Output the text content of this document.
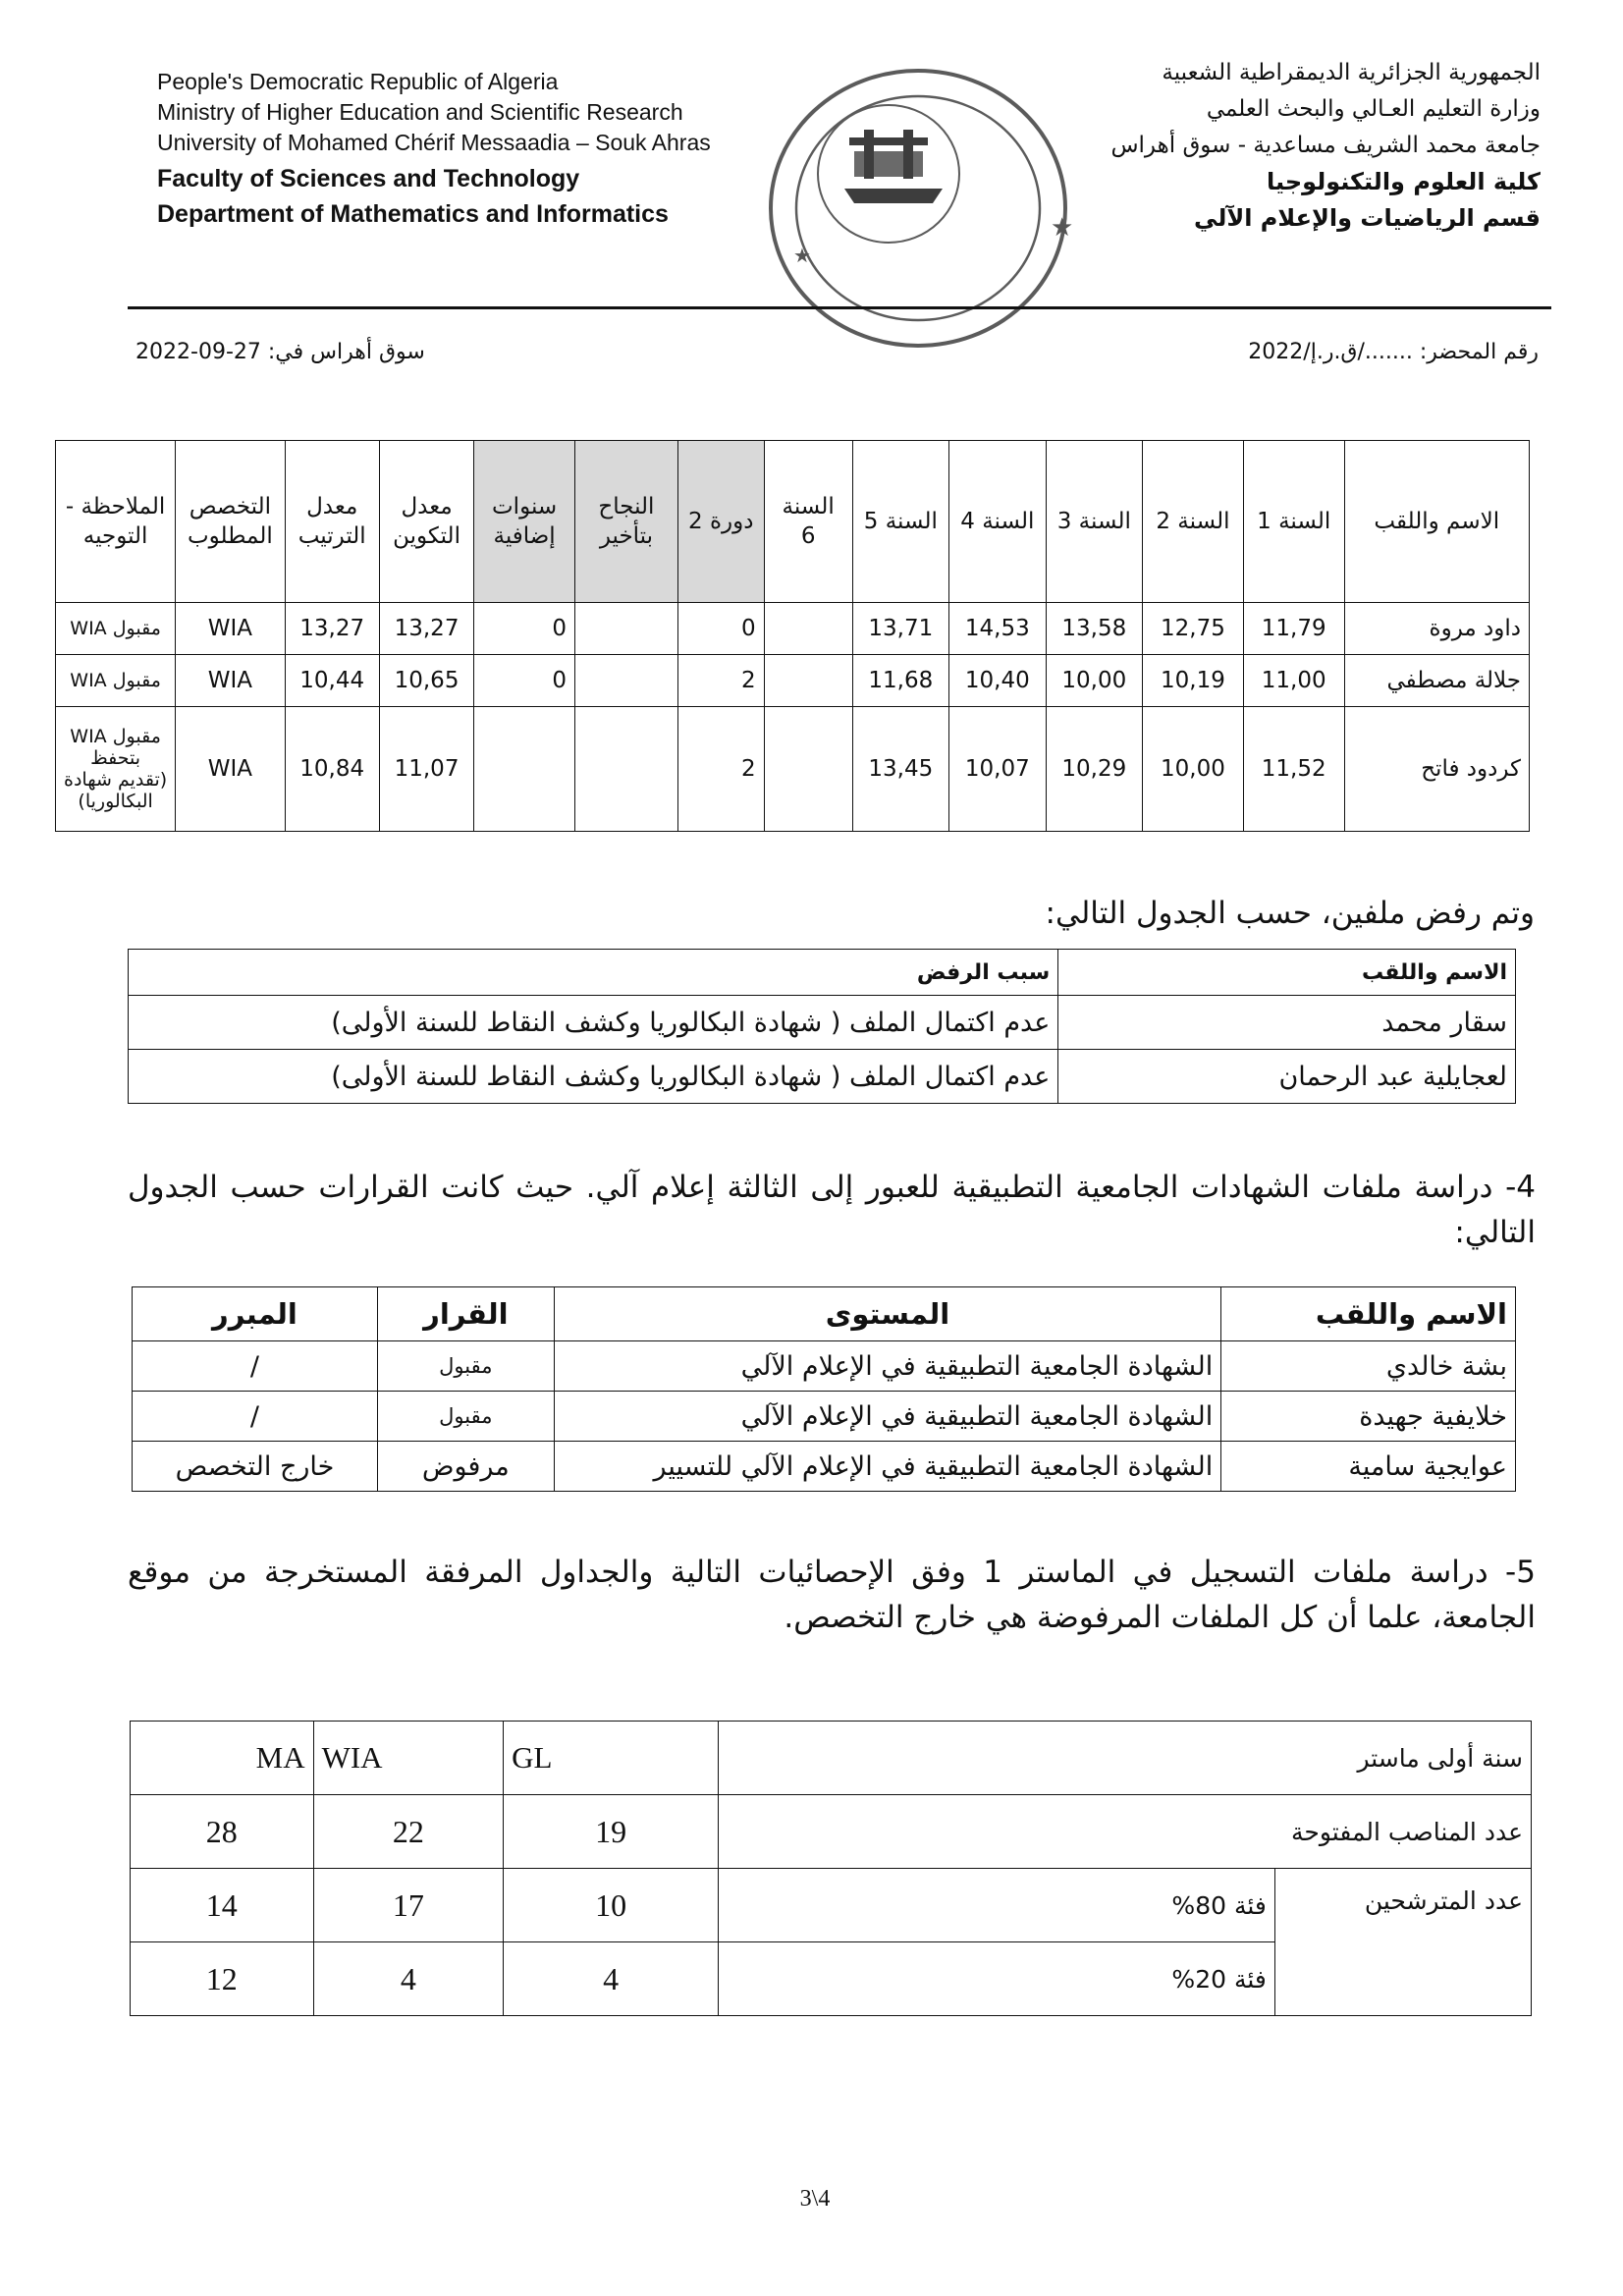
People's Democratic Republic of Algeria
Ministry of Higher Education and Scientific Research
University of Mohamed Chérif Messaadia – Souk Ahras
Faculty of Sciences and Technology
Department of Mathematics and Informatics
الجمهورية الجزائرية الديمقراطية الشعبية
وزارة التعليم العـالي والبحث العلمي
جامعة محمد الشريف مساعدية - سوق أهراس
كلية العلوم والتكنولوجيا
قسم الرياضيات والإعلام الآلي
★
★
رقم المحضر: ......./ق.ر.إ/2022
سوق أهراس في: 27-09-2022
الاسم واللقب	السنة 1	السنة 2	السنة 3	السنة 4	السنة 5	السنة 6	دورة 2	النجاح بتأخير	سنوات إضافية	معدل التكوين	معدل الترتيب	التخصص المطلوب	الملاحظة - التوجيه
داود مروة	11,79	12,75	13,58	14,53	13,71		0		0	13,27	13,27	WIA	مقبول WIA
جلالة مصطفي	11,00	10,19	10,00	10,40	11,68		2		0	10,65	10,44	WIA	مقبول WIA
كردود فاتح	11,52	10,00	10,29	10,07	13,45		2			11,07	10,84	WIA	مقبول WIA بتحفظ (تقديم شهادة البكالوريا)
وتم رفض ملفين، حسب الجدول التالي:
الاسم واللقب	سبب الرفض
سقار محمد	عدم اكتمال الملف ( شهادة البكالوريا وكشف النقاط للسنة الأولى)
لعجايلية عبد الرحمان	عدم اكتمال الملف ( شهادة البكالوريا وكشف النقاط للسنة الأولى)
4- دراسة ملفات الشهادات الجامعية التطبيقية للعبور إلى الثالثة إعلام آلي. حيث كانت القرارات حسب الجدول التالي:
الاسم واللقب	المستوى	القرار	المبرر
بشة خالدي	الشهادة الجامعية التطبيقية في الإعلام الآلي	مقبول	/
خلايفية جهيدة	الشهادة الجامعية التطبيقية في الإعلام الآلي	مقبول	/
عوايجية سامية	الشهادة الجامعية التطبيقية في الإعلام الآلي للتسيير	مرفوض	خارج التخصص
5- دراسة ملفات التسجيل في الماستر 1 وفق الإحصائيات التالية والجداول المرفقة المستخرجة من موقع الجامعة، علما أن كل الملفات المرفوضة هي خارج التخصص.
سنة أولى ماستر		GL	WIA	MA
عدد المناصب المفتوحة		19	22	28
عدد المترشحين	فئة 80%	10	17	14
	فئة 20%	4	4	12
3\4
